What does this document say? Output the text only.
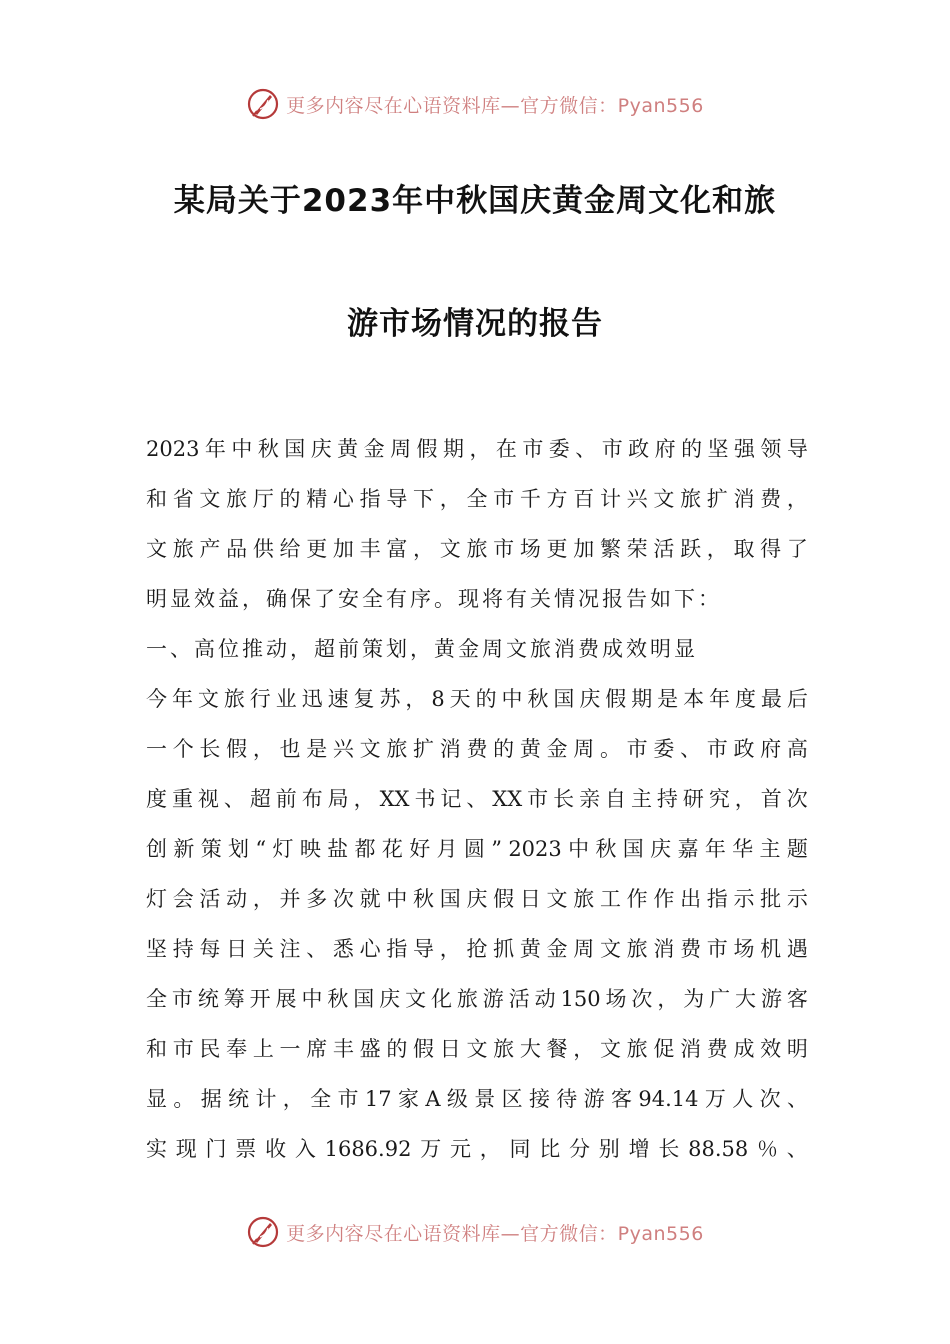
更多内容尽在心语资料库—官方微信：Pyan556
某局关于2023年中秋国庆黄金周文化和旅
游市场情况的报告
2023 年 中 秋 国 庆 黄 金 周 假 期 ， 在 市 委 、 市 政 府 的 坚 强 领 导
和 省 文 旅 厅 的 精 心 指 导 下 ， 全 市 千 方 百 计 兴 文 旅 扩 消 费 ，
文 旅 产 品 供 给 更 加 丰 富 ， 文 旅 市 场 更 加 繁 荣 活 跃 ， 取 得 了
明显效益，确保了安全有序。现将有关情况报告如下：
一、高位推动，超前策划，黄金周文旅消费成效明显
今 年 文 旅 行 业 迅 速 复 苏 ， 8 天 的 中 秋 国 庆 假 期 是 本 年 度 最 后
一 个 长 假 ， 也 是 兴 文 旅 扩 消 费 的 黄 金 周 。 市 委 、 市 政 府 高
度 重 视 、 超 前 布 局 ， XX 书 记 、 XX 市 长 亲 自 主 持 研 究 ， 首 次
创 新 策 划 “ 灯 映 盐 都 花 好 月 圆 ” 2023 中 秋 国 庆 嘉 年 华 主 题
灯 会 活 动 ， 并 多 次 就 中 秋 国 庆 假 日 文 旅 工 作 作 出 指 示 批 示
坚 持 每 日 关 注 、 悉 心 指 导 ， 抢 抓 黄 金 周 文 旅 消 费 市 场 机 遇
全 市 统 筹 开 展 中 秋 国 庆 文 化 旅 游 活 动 150 场 次 ， 为 广 大 游 客
和 市 民 奉 上 一 席 丰 盛 的 假 日 文 旅 大 餐 ， 文 旅 促 消 费 成 效 明
显 。 据 统 计 ， 全 市 17 家 A 级 景 区 接 待 游 客 94.14 万 人 次 、
实 现 门 票 收 入 1686.92 万 元 ， 同 比 分 别 增 长 88.58 ％ 、
更多内容尽在心语资料库—官方微信：Pyan556
